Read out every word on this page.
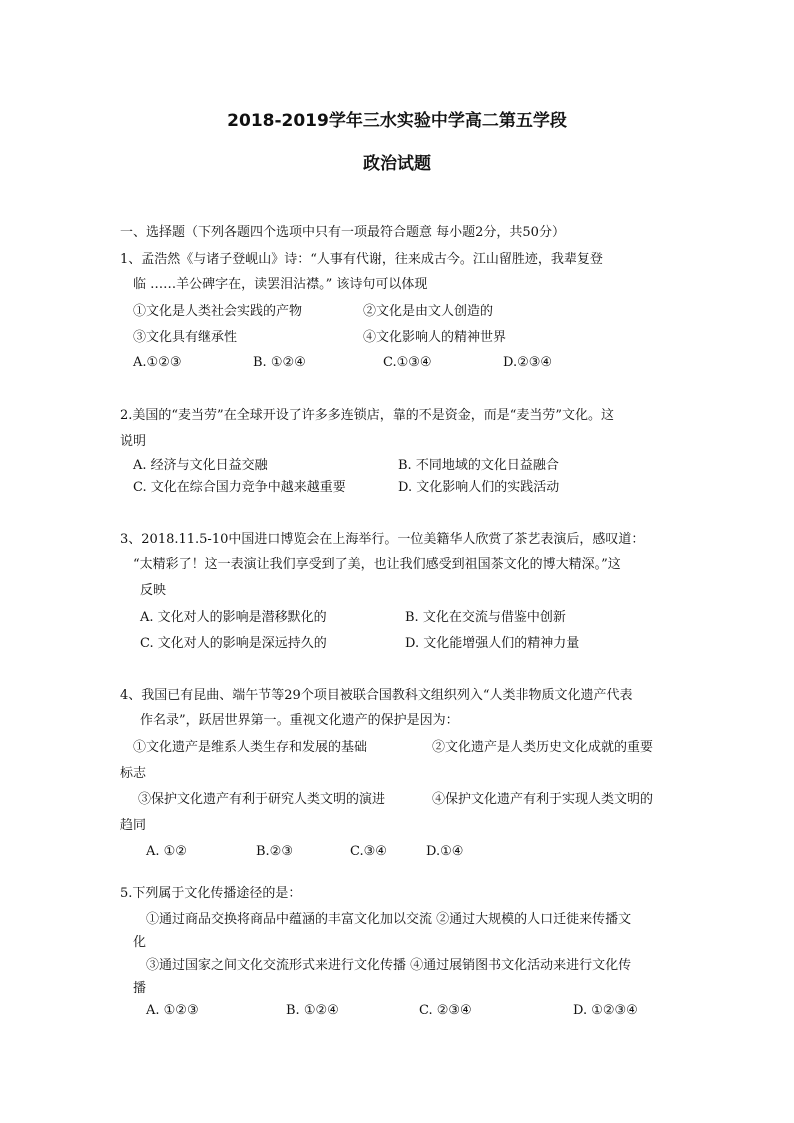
2018-2019学年三水实验中学高二第五学段
政治试题
一、选择题（下列各题四个选项中只有一项最符合题意 每小题2分，共50分）
1、孟浩然《与诸子登岘山》诗：“人事有代谢，往来成古今。江山留胜迹，我辈复登
临 ……羊公碑字在，读罢泪沾襟。” 该诗句可以体现
①文化是人类社会实践的产物	②文化是由文人创造的
③文化具有继承性	④文化影响人的精神世界
A.①②③	B. ①②④	C.①③④	D.②③④
2.美国的“麦当劳”在全球开设了许多多连锁店，靠的不是资金，而是“麦当劳”文化。这
说明
A. 经济与文化日益交融	B. 不同地域的文化日益融合
C. 文化在综合国力竞争中越来越重要	D. 文化影响人们的实践活动
3、2018.11.5-10中国进口博览会在上海举行。一位美籍华人欣赏了茶艺表演后，感叹道：
“太精彩了！这一表演让我们享受到了美，也让我们感受到祖国茶文化的博大精深。”这
反映
A. 文化对人的影响是潜移默化的	B. 文化在交流与借鉴中创新
C. 文化对人的影响是深远持久的	D. 文化能增强人们的精神力量
4、我国已有昆曲、端午节等29个项目被联合国教科文组织列入“人类非物质文化遗产代表
作名录”，跃居世界第一。重视文化遗产的保护是因为：
①文化遗产是维系人类生存和发展的基础	②文化遗产是人类历史文化成就的重要
标志
③保护文化遗产有利于研究人类文明的演进	④保护文化遗产有利于实现人类文明的
趋同
A. ①②	B.②③	C.③④	D.①④
5.下列属于文化传播途径的是：
①通过商品交换将商品中蕴涵的丰富文化加以交流 ②通过大规模的人口迁徙来传播文
化
③通过国家之间文化交流形式来进行文化传播 ④通过展销图书文化活动来进行文化传
播
A. ①②③	B. ①②④	C. ②③④	D. ①②③④
